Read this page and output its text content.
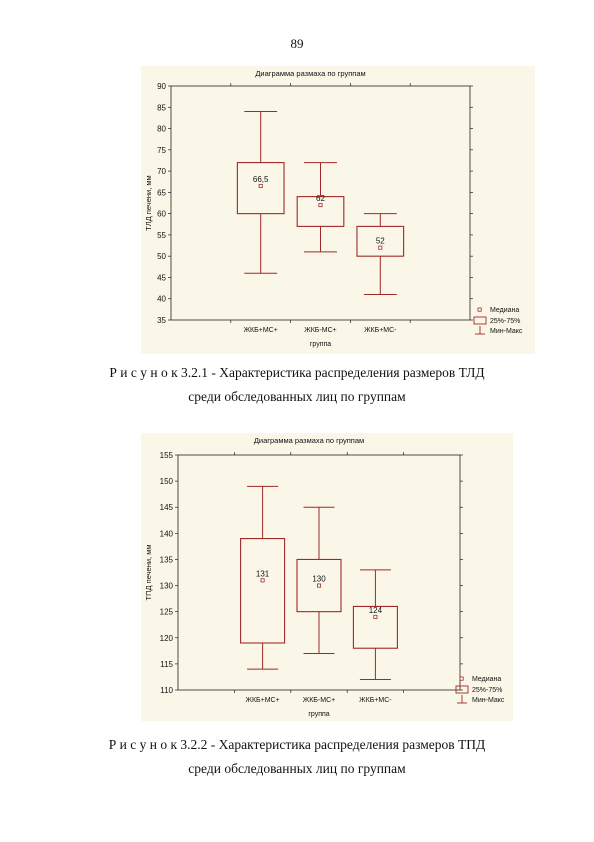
89
Диаграмма размаха по группам
35
40
45
50
55
60
65
70
75
80
85
90
ТЛД печени, мм	66,5
ЖКБ+МС+
62
ЖКБ-МС+
52
ЖКБ+МС-
группа
Медиана
25%-75%
Мин-Макс
Р и с у н о к 3.2.1 - Характеристика распределения размеров ТЛД
среди обследованных лиц по группам
Диаграмма размаха по группам
110
115
120
125
130
135
140
145
150
155
ТПД печени, мм	131
ЖКБ+МС+
130
ЖКБ-МС+
124
ЖКБ+МС-
группа
Медиана
25%-75%
Мин-Макс
Р и с у н о к 3.2.2 - Характеристика распределения размеров ТПД
среди обследованных лиц по группам
